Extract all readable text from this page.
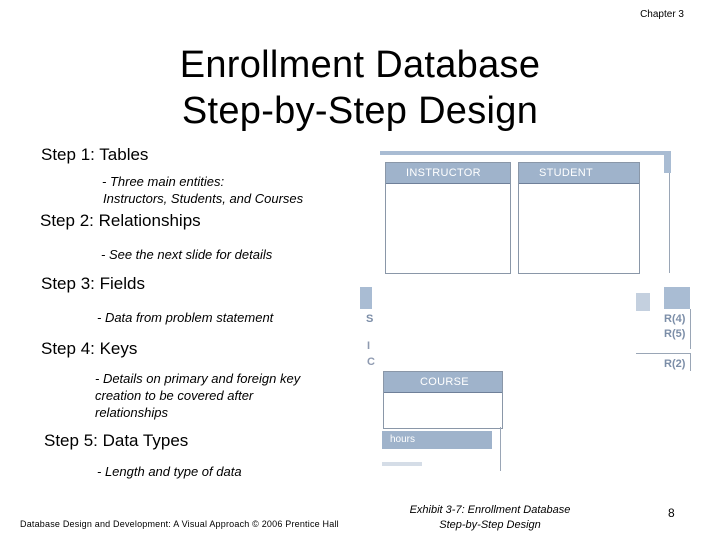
Chapter 3
Enrollment Database
Step-by-Step Design
Step 1: Tables
- Three main entities:
Instructors, Students, and Courses
Step 2: Relationships
- See the next slide for details
Step 3: Fields
- Data from problem statement
Step 4: Keys
- Details on primary and foreign key
creation to be covered after
relationships
Step 5: Data Types
- Length and type of data
INSTRUCTOR	STUDENT
S
I
C
R(4)
R(5)
R(2)
COURSE
hours
Database Design and Development: A Visual Approach © 2006 Prentice Hall
Exhibit 3-7: Enrollment Database
Step-by-Step Design
8
